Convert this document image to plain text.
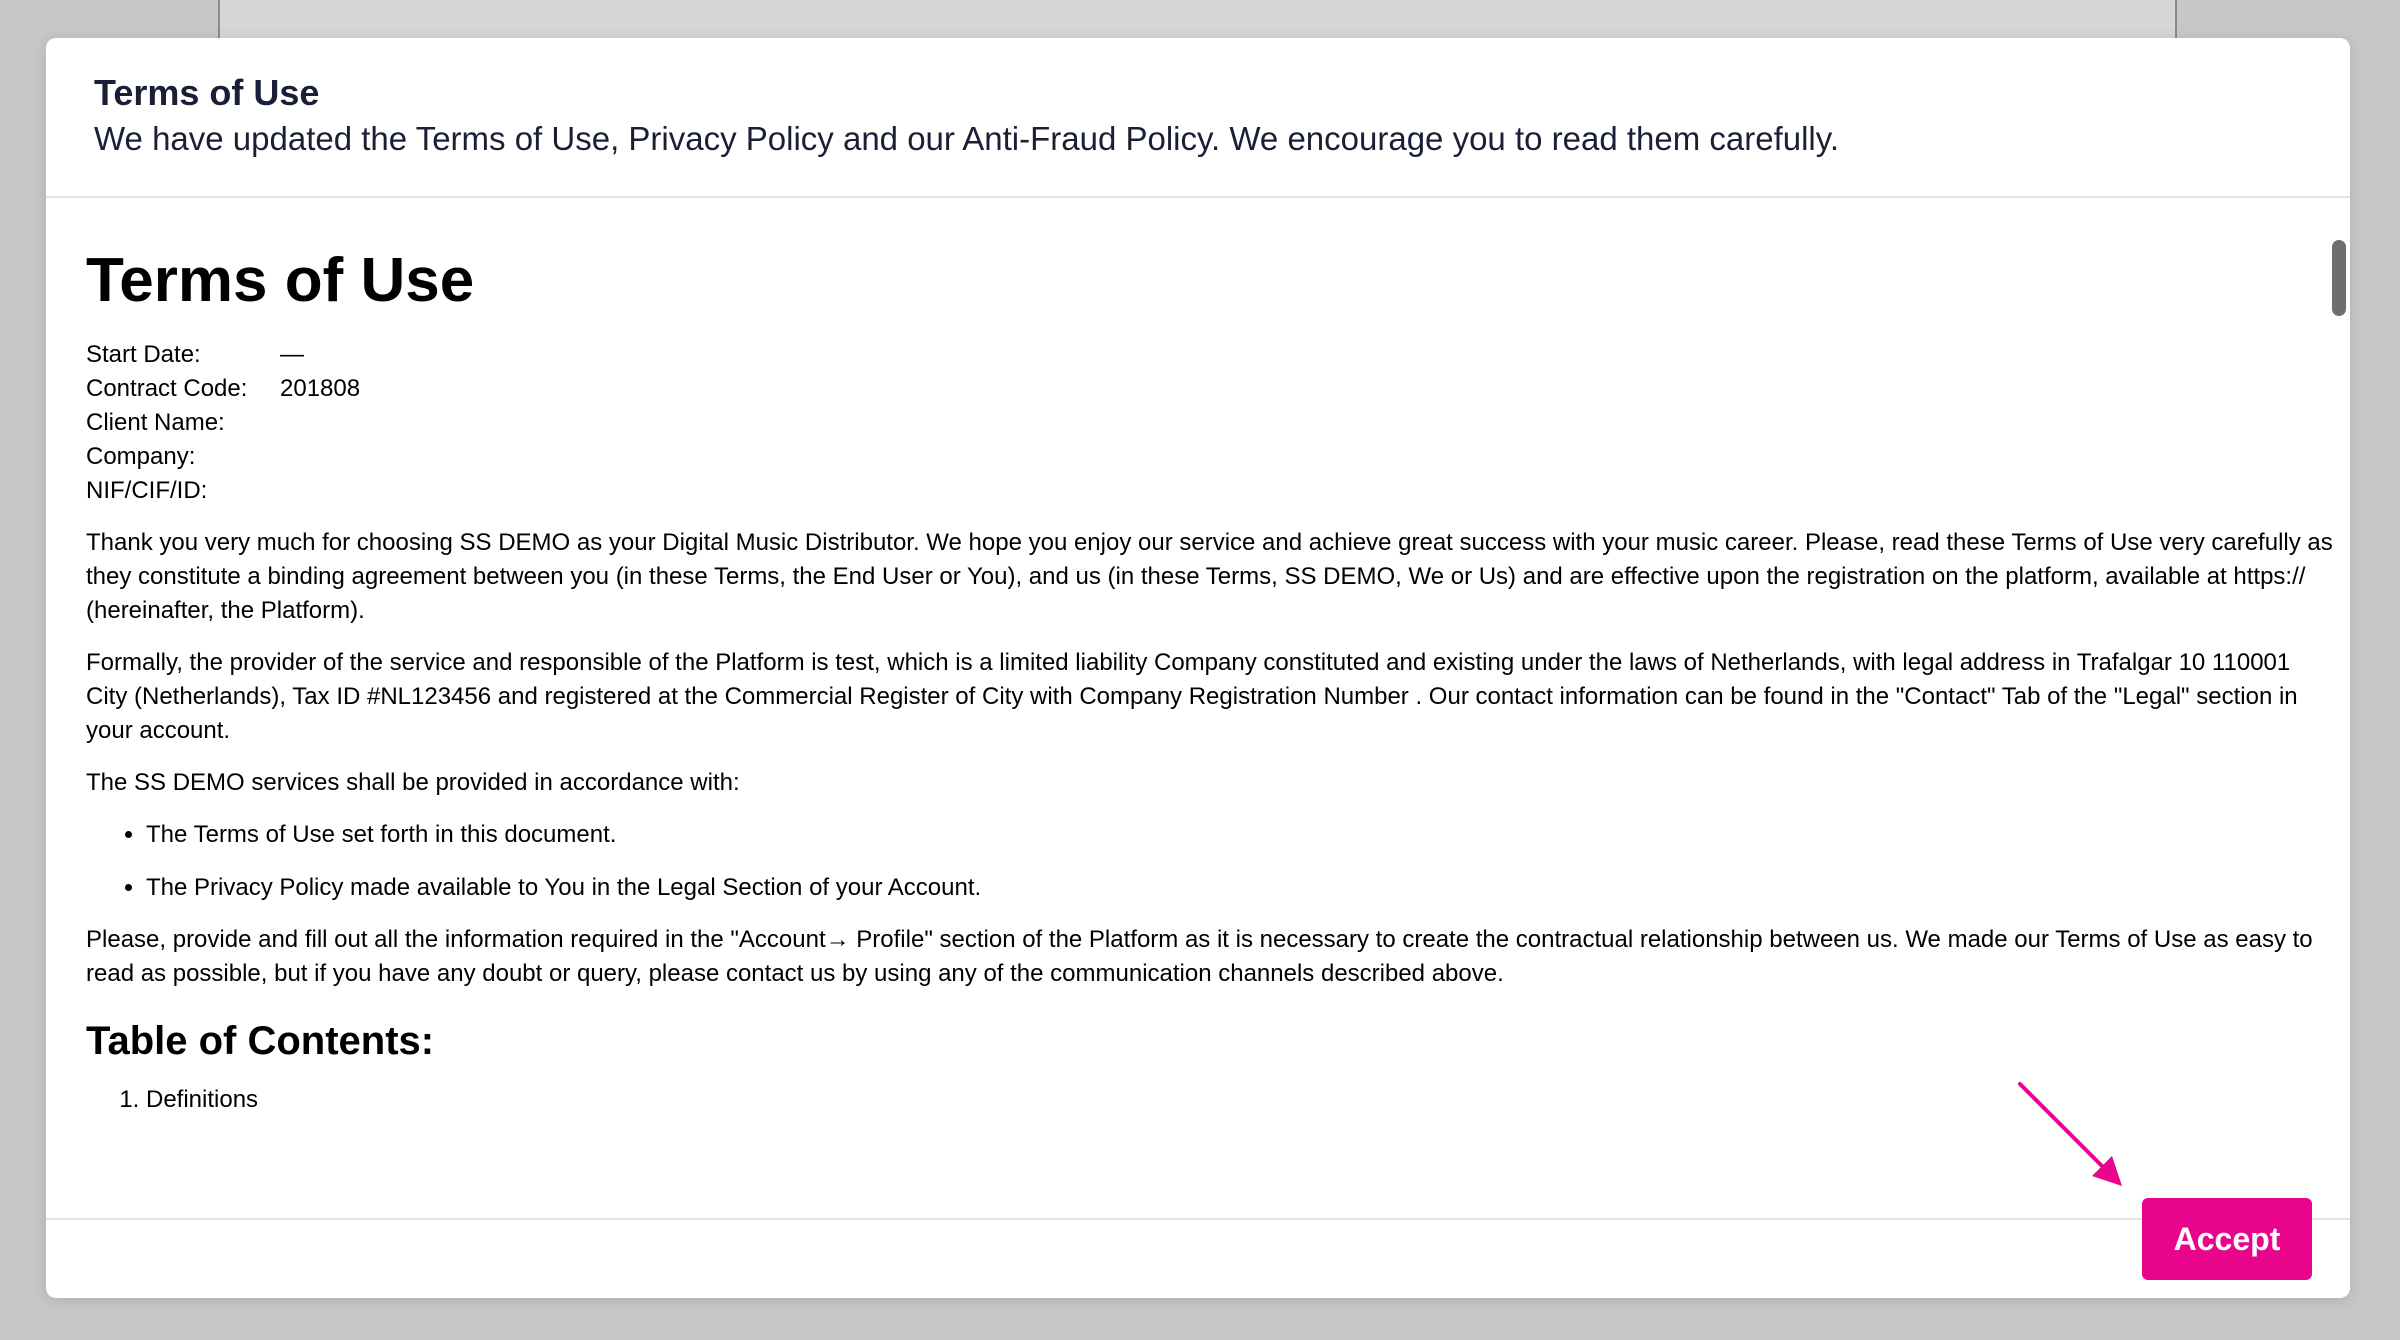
Terms of Use
We have updated the Terms of Use, Privacy Policy and our Anti-Fraud Policy. We encourage you to read them carefully.
Terms of Use
Start Date:	—
Contract Code:	201808
Client Name:	
Company:	
NIF/CIF/ID:	

Thank you very much for choosing SS DEMO as your Digital Music Distributor. We hope you enjoy our service and achieve great success with your music career. Please, read these Terms of Use very carefully as they constitute a binding agreement between you (in these Terms, the End User or You), and us (in these Terms, SS DEMO, We or Us) and are effective upon the registration on the platform, available at https:// (hereinafter, the Platform).

Formally, the provider of the service and responsible of the Platform is test, which is a limited liability Company constituted and existing under the laws of Netherlands, with legal address in Trafalgar 10 110001 City (Netherlands), Tax ID #NL123456 and registered at the Commercial Register of City with Company Registration Number . Our contact information can be found in the "Contact" Tab of the "Legal" section in your account.

The SS DEMO services shall be provided in accordance with:

• The Terms of Use set forth in this document.
• The Privacy Policy made available to You in the Legal Section of your Account.

Please, provide and fill out all the information required in the "Account→ Profile" section of the Platform as it is necessary to create the contractual relationship between us. We made our Terms of Use as easy to read as possible, but if you have any doubt or query, please contact us by using any of the communication channels described above.

Table of Contents:
1. Definitions
Accept
